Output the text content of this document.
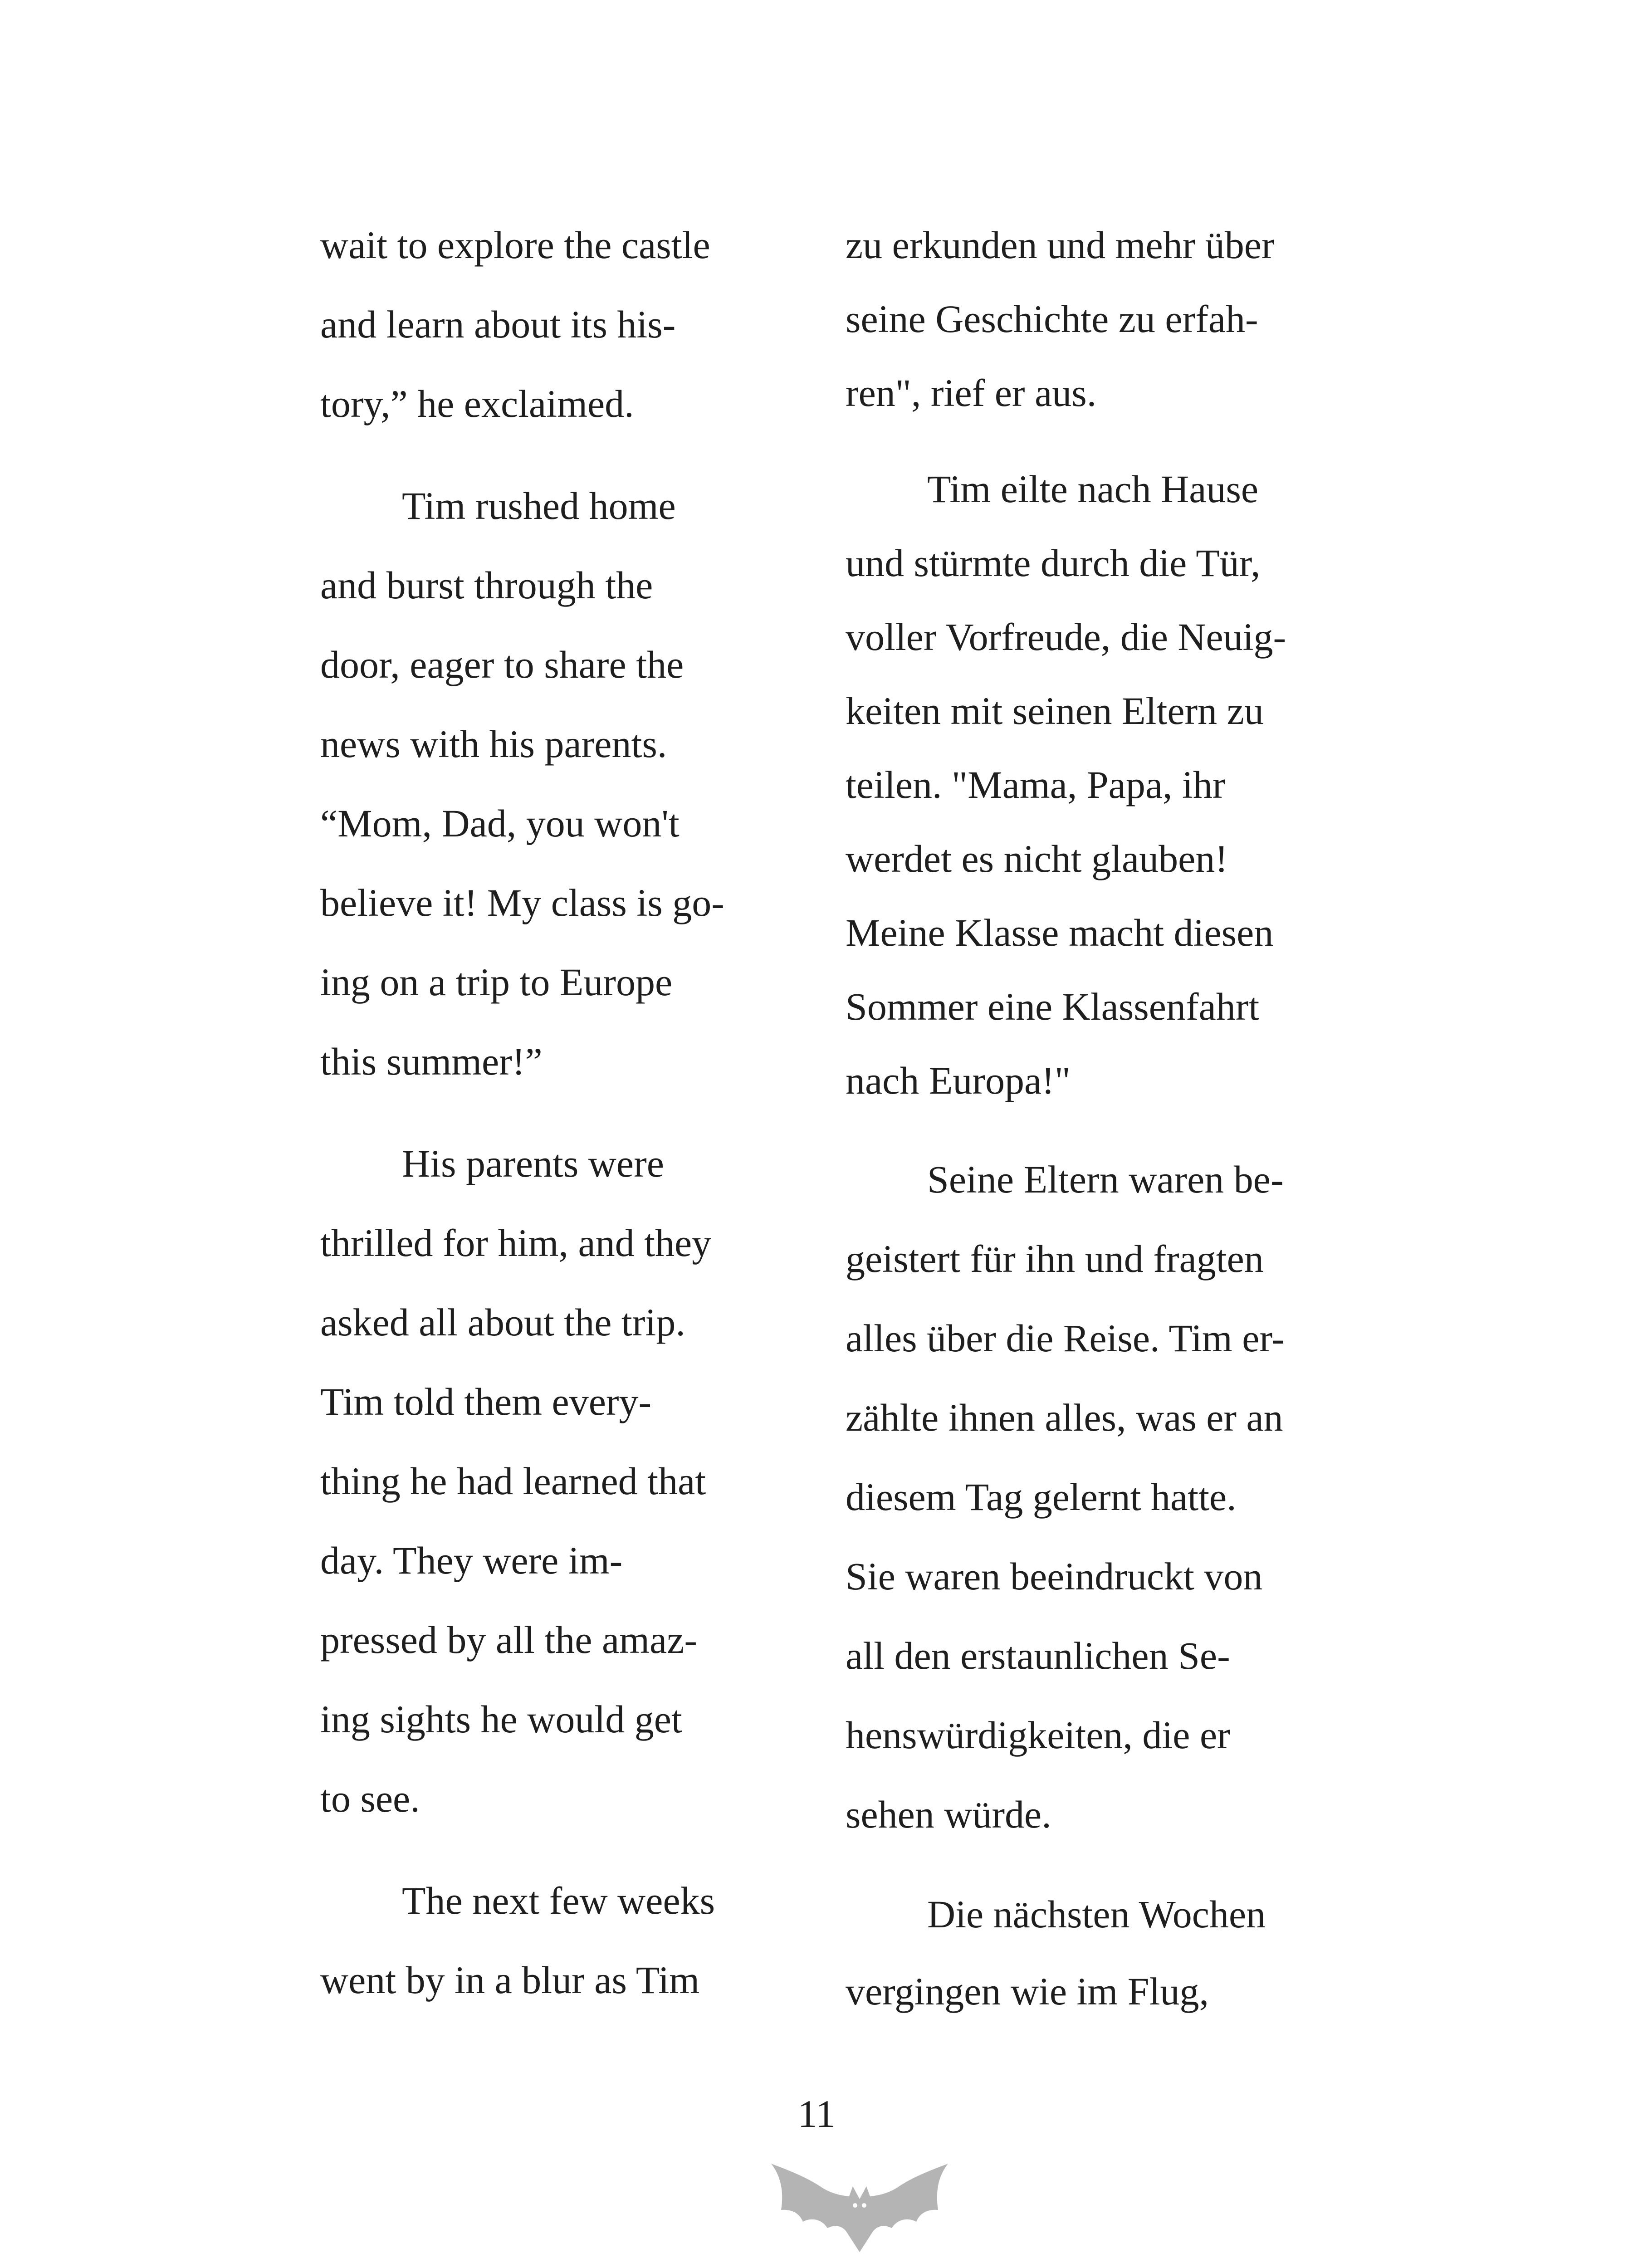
wait to explore the castle

and learn about its his-

tory,” he exclaimed.

Tim rushed home

and burst through the

door, eager to share the

news with his parents.

“Mom, Dad, you won't

believe it! My class is go-

ing on a trip to Europe

this summer!”

His parents were

thrilled for him, and they

asked all about the trip.

Tim told them every-

thing he had learned that

day. They were im-

pressed by all the amaz-

ing sights he would get

to see.

The next few weeks

went by in a blur as Tim

zu erkunden und mehr über

seine Geschichte zu erfah-

ren", rief er aus.

Tim eilte nach Hause

und stürmte durch die Tür,

voller Vorfreude, die Neuig-

keiten mit seinen Eltern zu

teilen. "Mama, Papa, ihr

werdet es nicht glauben!

Meine Klasse macht diesen

Sommer eine Klassenfahrt

nach Europa!"

Seine Eltern waren be-

geistert für ihn und fragten

alles über die Reise. Tim er-

zählte ihnen alles, was er an

diesem Tag gelernt hatte.

Sie waren beeindruckt von

all den erstaunlichen Se-

henswürdigkeiten, die er

sehen würde.

Die nächsten Wochen

vergingen wie im Flug,

11
